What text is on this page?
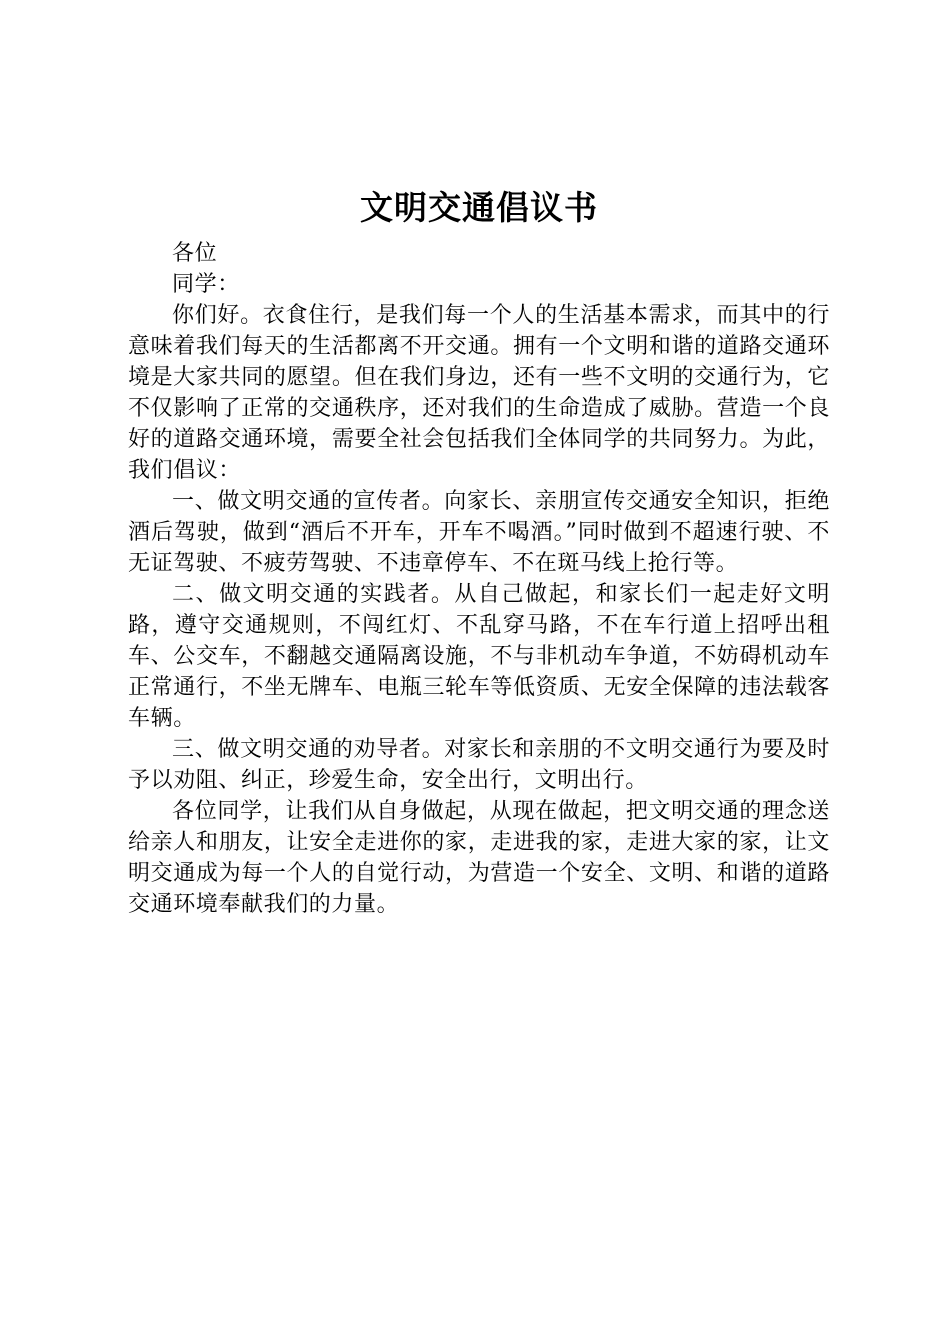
文明交通倡议书

各位

同学：

你们好。衣食住行，是我们每一个人的生活基本需求，而其中的行意味着我们每天的生活都离不开交通。拥有一个文明和谐的道路交通环境是大家共同的愿望。但在我们身边，还有一些不文明的交通行为，它不仅影响了正常的交通秩序，还对我们的生命造成了威胁。营造一个良好的道路交通环境，需要全社会包括我们全体同学的共同努力。为此，我们倡议：

一、做文明交通的宣传者。向家长、亲朋宣传交通安全知识，拒绝酒后驾驶，做到“酒后不开车，开车不喝酒。”同时做到不超速行驶、不无证驾驶、不疲劳驾驶、不违章停车、不在斑马线上抢行等。

二、做文明交通的实践者。从自己做起，和家长们一起走好文明路，遵守交通规则，不闯红灯、不乱穿马路，不在车行道上招呼出租车、公交车，不翻越交通隔离设施，不与非机动车争道，不妨碍机动车正常通行，不坐无牌车、电瓶三轮车等低资质、无安全保障的违法载客车辆。

三、做文明交通的劝导者。对家长和亲朋的不文明交通行为要及时予以劝阻、纠正，珍爱生命，安全出行，文明出行。

各位同学，让我们从自身做起，从现在做起，把文明交通的理念送给亲人和朋友，让安全走进你的家，走进我的家，走进大家的家，让文明交通成为每一个人的自觉行动，为营造一个安全、文明、和谐的道路交通环境奉献我们的力量。
